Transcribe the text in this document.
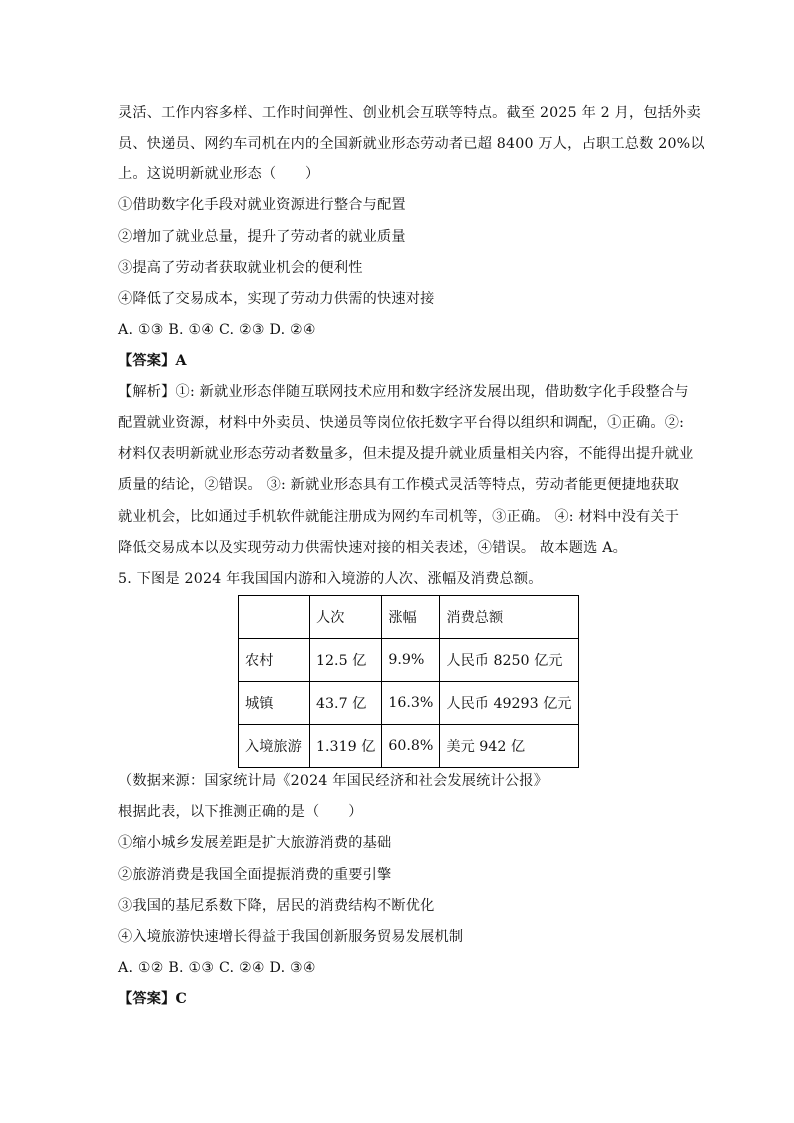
灵活、工作内容多样、工作时间弹性、创业机会互联等特点。截至 2025 年 2 月，包括外卖
员、快递员、网约车司机在内的全国新就业形态劳动者已超 8400 万人，占职工总数 20%以
上。这说明新就业形态（　　）
①借助数字化手段对就业资源进行整合与配置
②增加了就业总量，提升了劳动者的就业质量
③提高了劳动者获取就业机会的便利性
④降低了交易成本，实现了劳动力供需的快速对接
A. ①③ B. ①④ C. ②③ D. ②④
【答案】A
【解析】①: 新就业形态伴随互联网技术应用和数字经济发展出现，借助数字化手段整合与
配置就业资源，材料中外卖员、快递员等岗位依托数字平台得以组织和调配，①正确。②:
材料仅表明新就业形态劳动者数量多，但未提及提升就业质量相关内容，不能得出提升就业
质量的结论，②错误。 ③: 新就业形态具有工作模式灵活等特点，劳动者能更便捷地获取
就业机会，比如通过手机软件就能注册成为网约车司机等，③正确。 ④: 材料中没有关于
降低交易成本以及实现劳动力供需快速对接的相关表述，④错误。 故本题选 A。
5. 下图是 2024 年我国国内游和入境游的人次、涨幅及消费总额。
	人次	涨幅	消费总额
农村	12.5 亿	9.9%	人民币 8250 亿元
城镇	43.7 亿	16.3%	人民币 49293 亿元
入境旅游	1.319 亿	60.8%	美元 942 亿
（数据来源：国家统计局《2024 年国民经济和社会发展统计公报》
根据此表，以下推测正确的是（　　）
①缩小城乡发展差距是扩大旅游消费的基础
②旅游消费是我国全面提振消费的重要引擎
③我国的基尼系数下降，居民的消费结构不断优化
④入境旅游快速增长得益于我国创新服务贸易发展机制
A. ①② B. ①③ C. ②④ D. ③④
【答案】C
